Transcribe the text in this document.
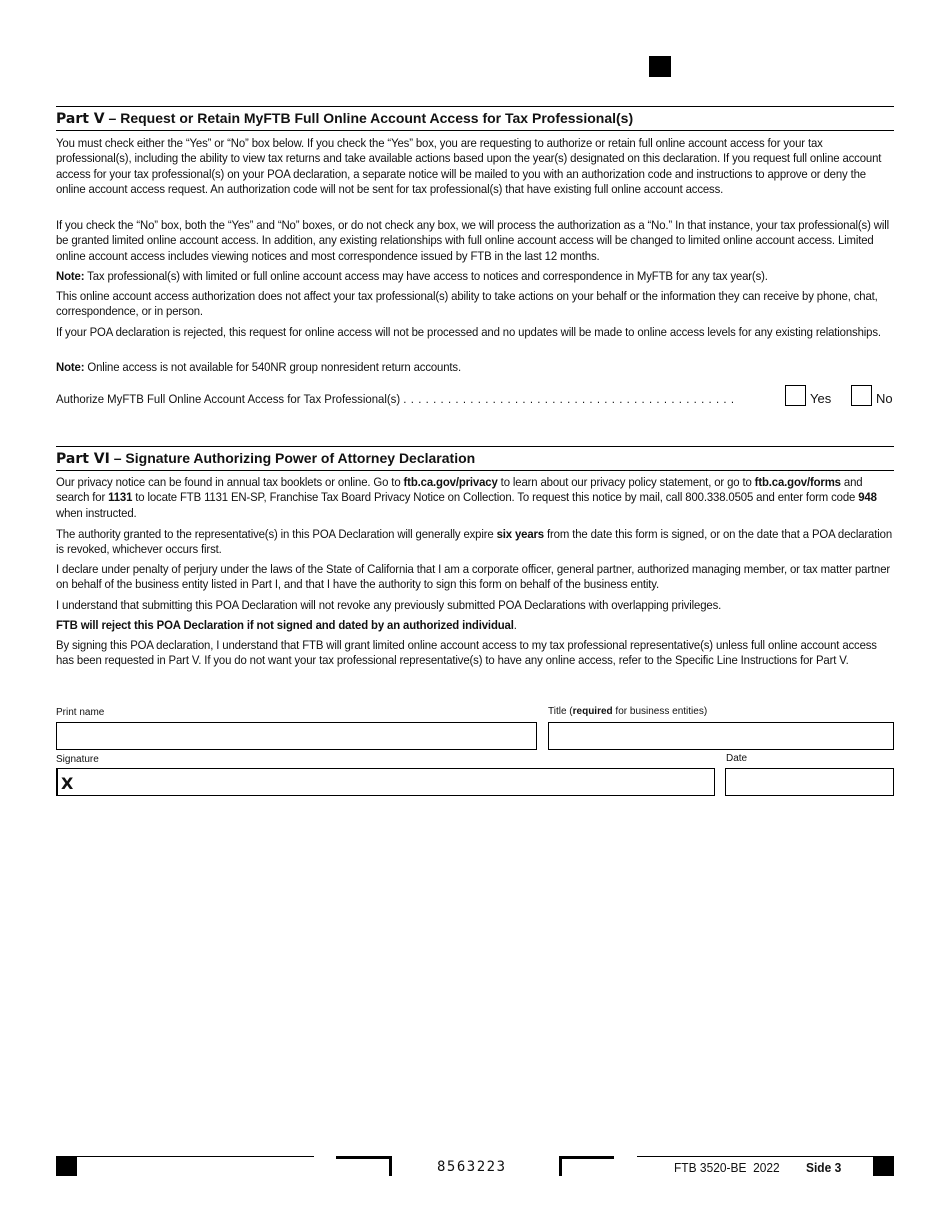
Part V – Request or Retain MyFTB Full Online Account Access for Tax Professional(s)
You must check either the “Yes” or “No” box below. If you check the “Yes” box, you are requesting to authorize or retain full online account access for your tax professional(s), including the ability to view tax returns and take available actions based upon the year(s) designated on this declaration. If you request full online account access for your tax professional(s) on your POA declaration, a separate notice will be mailed to you with an authorization code and instructions to approve or deny the online account access request. An authorization code will not be sent for tax professional(s) that have existing full online account access.
If you check the “No” box, both the “Yes” and “No” boxes, or do not check any box, we will process the authorization as a “No.” In that instance, your tax professional(s) will be granted limited online account access. In addition, any existing relationships with full online account access will be changed to limited online account access. Limited online account access includes viewing notices and most correspondence issued by FTB in the last 12 months.
Note: Tax professional(s) with limited or full online account access may have access to notices and correspondence in MyFTB for any tax year(s).
This online account access authorization does not affect your tax professional(s) ability to take actions on your behalf or the information they can receive by phone, chat, correspondence, or in person.
If your POA declaration is rejected, this request for online access will not be processed and no updates will be made to online access levels for any existing relationships.
Note: Online access is not available for 540NR group nonresident return accounts.
Authorize MyFTB Full Online Account Access for Tax Professional(s) . . . . . . . . . . . . . . . . . . . . . . . . . . . . . . . . . . . . . . . . . . . . .	Yes	No
Part VI – Signature Authorizing Power of Attorney Declaration
Our privacy notice can be found in annual tax booklets or online. Go to ftb.ca.gov/privacy to learn about our privacy policy statement, or go to ftb.ca.gov/forms and search for 1131 to locate FTB 1131 EN-SP, Franchise Tax Board Privacy Notice on Collection. To request this notice by mail, call 800.338.0505 and enter form code 948 when instructed.
The authority granted to the representative(s) in this POA Declaration will generally expire six years from the date this form is signed, or on the date that a POA declaration is revoked, whichever occurs first.
I declare under penalty of perjury under the laws of the State of California that I am a corporate officer, general partner, authorized managing member, or tax matter partner on behalf of the business entity listed in Part I, and that I have the authority to sign this form on behalf of the business entity.
I understand that submitting this POA Declaration will not revoke any previously submitted POA Declarations with overlapping privileges.
FTB will reject this POA Declaration if not signed and dated by an authorized individual.
By signing this POA declaration, I understand that FTB will grant limited online account access to my tax professional representative(s) unless full online account access has been requested in Part V. If you do not want your tax professional representative(s) to have any online access, refer to the Specific Line Instructions for Part V.
Print name	Title (required for business entities)
Signature
X
Date
8563223	FTB 3520-BE  2022 Side 3
